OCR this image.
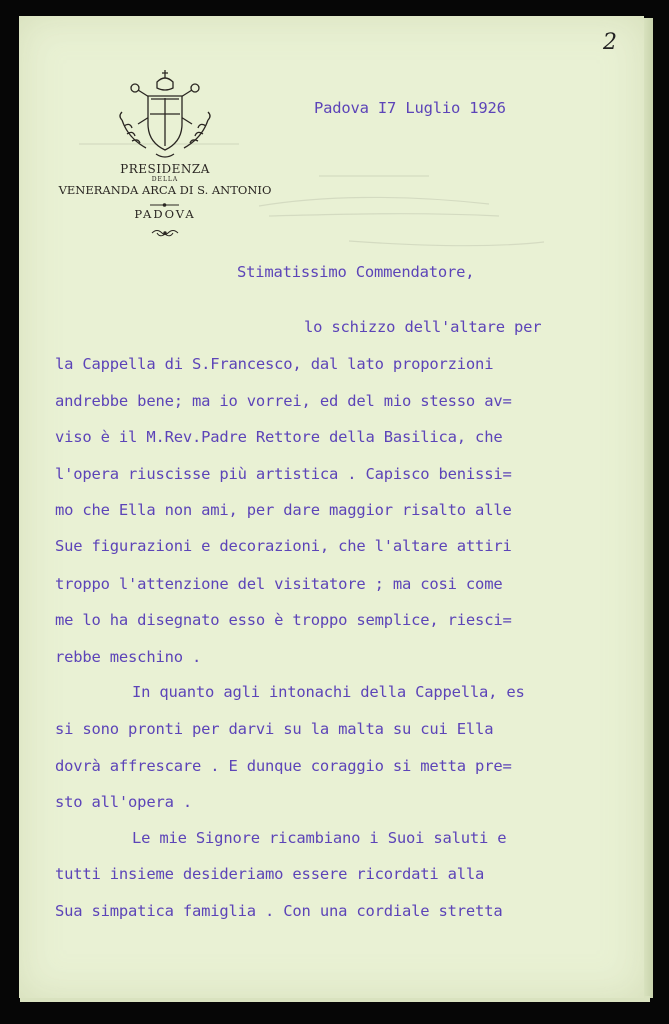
2
PRESIDENZA
DELLA
VENERANDA ARCA DI S. ANTONIO
PADOVA
Padova I7 Luglio 1926
Stimatissimo Commendatore,
lo schizzo dell'altare per
la Cappella di S.Francesco, dal lato proporzioni
andrebbe bene; ma io vorrei, ed del mio stesso av=
viso è il M.Rev.Padre Rettore della Basilica, che
l'opera riuscisse più artistica . Capisco benissi=
mo che Ella non ami, per dare maggior risalto alle
Sue figurazioni e decorazioni, che l'altare attiri
troppo l'attenzione del visitatore ; ma cosi come
me lo ha disegnato esso è troppo semplice, riesci=
rebbe meschino .
In quanto agli intonachi della Cappella, es
si sono pronti per darvi su la malta su cui Ella
dovrà affrescare . E dunque coraggio si metta pre=
sto all'opera .
Le mie Signore ricambiano i Suoi saluti e
tutti insieme desideriamo essere ricordati alla
Sua simpatica famiglia . Con una cordiale stretta
